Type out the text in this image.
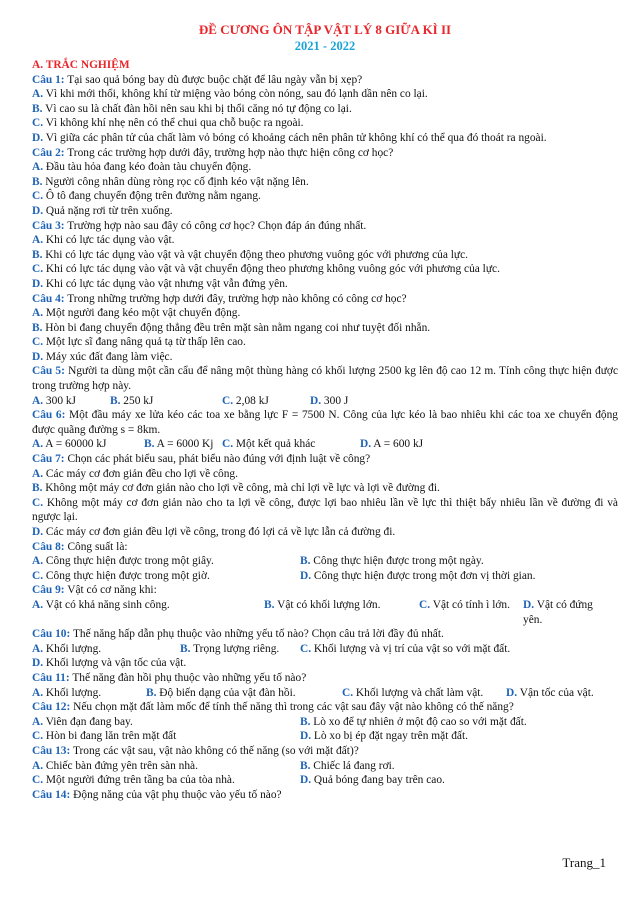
ĐỀ CƯƠNG ÔN TẬP VẬT LÝ 8 GIỮA KÌ II
2021 - 2022
A. TRẮC NGHIỆM

Câu 1: Tại sao quả bóng bay dù được buộc chặt để lâu ngày vẫn bị xẹp?

A. Vì khi mới thổi, không khí từ miệng vào bóng còn nóng, sau đó lạnh dần nên co lại.

B. Vì cao su là chất đàn hồi nên sau khi bị thổi căng nó tự động co lại.

C. Vì không khí nhẹ nên có thể chui qua chỗ buộc ra ngoài.

D. Vì giữa các phân tử của chất làm vỏ bóng có khoảng cách nên phân tử không khí có thể qua đó thoát ra ngoài.

Câu 2: Trong các trường hợp dưới đây, trường hợp nào thực hiện công cơ học?

A. Đầu tàu hỏa đang kéo đoàn tàu chuyển động.

B. Người công nhân dùng ròng rọc cố định kéo vật nặng lên.

C. Ô tô đang chuyển động trên đường nằm ngang.

D. Quả nặng rơi từ trên xuống.

Câu 3: Trường hợp nào sau đây có công cơ học? Chọn đáp án đúng nhất.

A. Khi có lực tác dụng vào vật.

B. Khi có lực tác dụng vào vật và vật chuyển động theo phương vuông góc với phương của lực.

C. Khi có lực tác dụng vào vật và vật chuyển động theo phương không vuông góc với phương của lực.

D. Khi có lực tác dụng vào vật nhưng vật vẫn đứng yên.

Câu 4: Trong những trường hợp dưới đây, trường hợp nào không có công cơ học?

A. Một người đang kéo một vật chuyển động.

B. Hòn bi đang chuyển động thẳng đều trên mặt sàn nằm ngang coi như tuyệt đối nhẵn.

C. Một lực sĩ đang nâng quả tạ từ thấp lên cao.

D. Máy xúc đất đang làm việc.

Câu 5: Người ta dùng một cần cẩu để nâng một thùng hàng có khối lượng 2500 kg lên độ cao 12 m. Tính công thực hiện được trong trường hợp này.

A. 300 kJ	B. 250 kJ	C. 2,08 kJ	D. 300 J

Câu 6: Một đầu máy xe lửa kéo các toa xe bằng lực F = 7500 N. Công của lực kéo là bao nhiêu khi các toa xe chuyển động được quãng đường s = 8km.

A. A = 60000 kJ	B. A = 6000 Kj C. Một kết quả khác	D. A = 600 kJ

Câu 7: Chọn các phát biểu sau, phát biểu nào đúng với định luật về công?

A. Các máy cơ đơn giản đều cho lợi về công.

B. Không một máy cơ đơn giản nào cho lợi về công, mà chỉ lợi về lực và lợi về đường đi.

C. Không một máy cơ đơn giản nào cho ta lợi về công, được lợi bao nhiêu lần về lực thì thiệt bấy nhiêu lần về đường đi và ngược lại.

D. Các máy cơ đơn giản đều lợi về công, trong đó lợi cả về lực lẫn cả đường đi.

Câu 8: Công suất là:

A. Công thực hiện được trong một giây.	B. Công thực hiện được trong một ngày.
C. Công thực hiện được trong một giờ.	D. Công thực hiện được trong một đơn vị thời gian.

Câu 9: Vật có cơ năng khi:

A. Vật có khả năng sinh công.	B. Vật có khối lượng lớn.	C. Vật có tính ì lớn.	D. Vật có đứng yên.

Câu 10: Thế năng hấp dẫn phụ thuộc vào những yếu tố nào? Chọn câu trả lời đầy đủ nhất.

A. Khối lượng.	B. Trọng lượng riêng.	C. Khối lượng và vị trí của vật so với mặt đất.

D. Khối lượng và vận tốc của vật.

Câu 11: Thế năng đàn hồi phụ thuộc vào những yếu tố nào?

A. Khối lượng.	B. Độ biến dạng của vật đàn hồi.	C. Khối lượng và chất làm vật.	D. Vận tốc của vật.

Câu 12: Nếu chọn mặt đất làm mốc để tính thế năng thì trong các vật sau đây vật nào không có thế năng?

A. Viên đạn đang bay.	B. Lò xo để tự nhiên ở một độ cao so với mặt đất.
C. Hòn bi đang lăn trên mặt đất	D. Lò xo bị ép đặt ngay trên mặt đất.

Câu 13: Trong các vật sau, vật nào không có thế năng (so với mặt đất)?

A. Chiếc bàn đứng yên trên sàn nhà.	B. Chiếc lá đang rơi.
C. Một người đứng trên tầng ba của tòa nhà.	D. Quả bóng đang bay trên cao.

Câu 14: Động năng của vật phụ thuộc vào yếu tố nào?

Trang_1
